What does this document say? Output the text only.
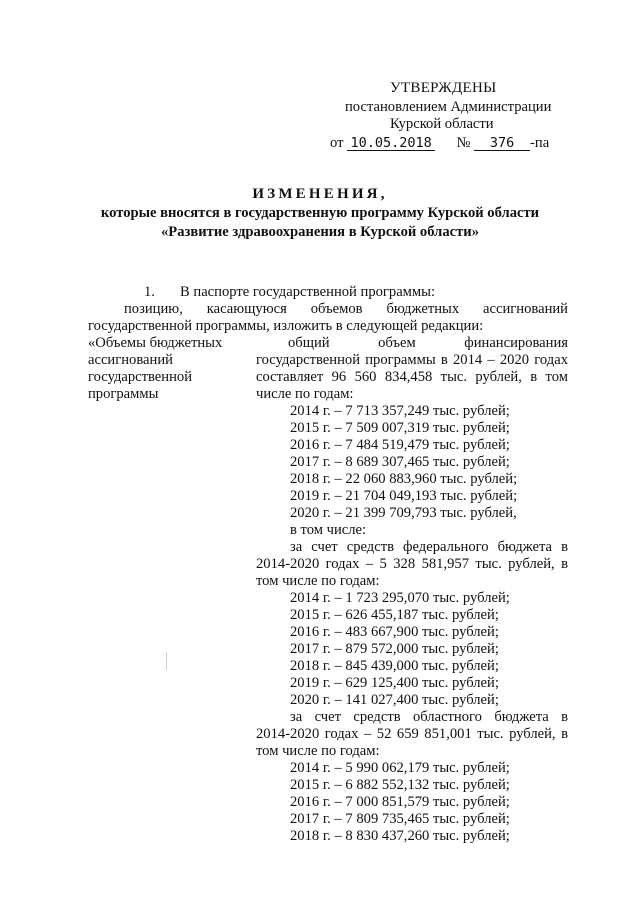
УТВЕРЖДЕНЫ
постановлением Администрации
Курской области
от 10.05.2018 № 376 -па
ИЗМЕНЕНИЯ,
которые вносятся в государственную программу Курской области
«Развитие здравоохранения в Курской области»
1. В паспорте государственной программы:
позицию, касающуюся объемов бюджетных ассигнований
государственной программы, изложить в следующей редакции:
«Объемы бюджетных
ассигнований
государственной
программы
общий объем финансирования
государственной программы в 2014 – 2020 годах
составляет 96 560 834,458 тыс. рублей, в том
числе по годам:
2014 г. – 7 713 357,249 тыс. рублей;
2015 г. – 7 509 007,319 тыс. рублей;
2016 г. – 7 484 519,479 тыс. рублей;
2017 г. – 8 689 307,465 тыс. рублей;
2018 г. – 22 060 883,960 тыс. рублей;
2019 г. – 21 704 049,193 тыс. рублей;
2020 г. – 21 399 709,793 тыс. рублей,
в том числе:
за счет средств федерального бюджета в
2014-2020 годах – 5 328 581,957 тыс. рублей, в
том числе по годам:
2014 г. – 1 723 295,070 тыс. рублей;
2015 г. – 626 455,187 тыс. рублей;
2016 г. – 483 667,900 тыс. рублей;
2017 г. – 879 572,000 тыс. рублей;
2018 г. – 845 439,000 тыс. рублей;
2019 г. – 629 125,400 тыс. рублей;
2020 г. – 141 027,400 тыс. рублей;
за счет средств областного бюджета в
2014-2020 годах – 52 659 851,001 тыс. рублей, в
том числе по годам:
2014 г. – 5 990 062,179 тыс. рублей;
2015 г. – 6 882 552,132 тыс. рублей;
2016 г. – 7 000 851,579 тыс. рублей;
2017 г. – 7 809 735,465 тыс. рублей;
2018 г. – 8 830 437,260 тыс. рублей;
